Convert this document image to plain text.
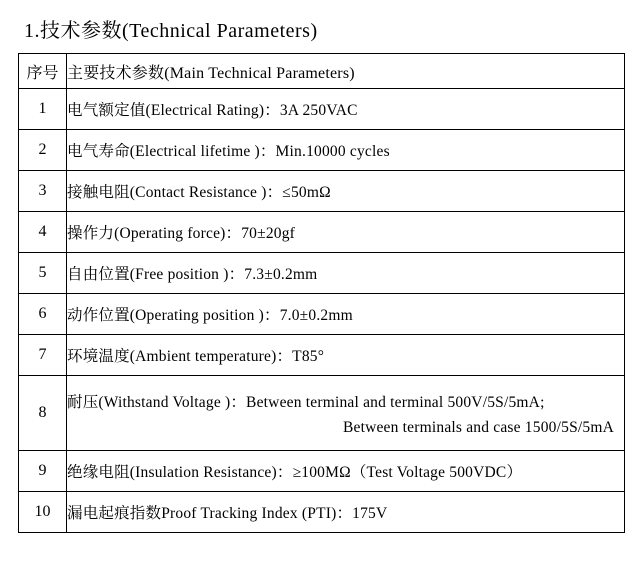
1.技术参数(Technical Parameters)
序号	主要技术参数(Main Technical Parameters)
1	电气额定值(Electrical Rating)：3A 250VAC

2	电气寿命(Electrical lifetime )：Min.10000 cycles

3	接触电阻(Contact Resistance )：≤50mΩ

4	操作力(Operating force)：70±20gf

5	自由位置(Free position )：7.3±0.2mm

6	动作位置(Operating position )：7.0±0.2mm

7	环境温度(Ambient temperature)：T85°

8	耐压(Withstand Voltage )：Between terminal and terminal 500V/5S/5mA;
Between terminals and case 1500/5S/5mA

9	绝缘电阻(Insulation Resistance)：≥100MΩ（Test Voltage 500VDC）

10	漏电起痕指数Proof Tracking Index (PTI)：175V
